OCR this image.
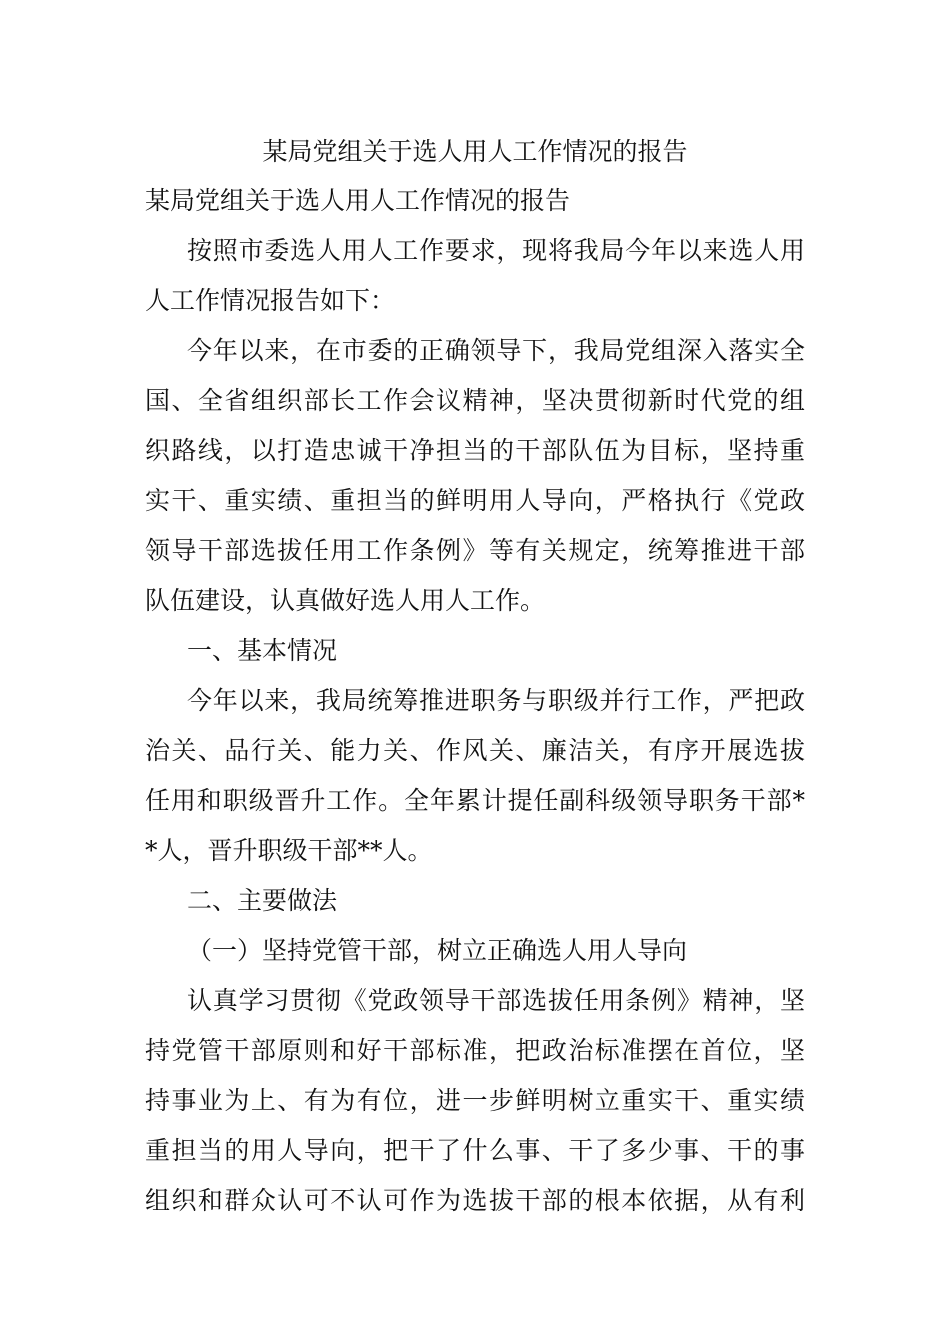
某局党组关于选人用人工作情况的报告
某局党组关于选人用人工作情况的报告
按照市委选人用人工作要求，现将我局今年以来选人用
人工作情况报告如下：
今年以来，在市委的正确领导下，我局党组深入落实全
国、全省组织部长工作会议精神，坚决贯彻新时代党的组
织路线，以打造忠诚干净担当的干部队伍为目标，坚持重
实干、重实绩、重担当的鲜明用人导向，严格执行《党政
领导干部选拔任用工作条例》等有关规定，统筹推进干部
队伍建设，认真做好选人用人工作。
一、基本情况
今年以来，我局统筹推进职务与职级并行工作，严把政
治关、品行关、能力关、作风关、廉洁关，有序开展选拔
任用和职级晋升工作。全年累计提任副科级领导职务干部*
*人，晋升职级干部**人。
二、主要做法
（一）坚持党管干部，树立正确选人用人导向
认真学习贯彻《党政领导干部选拔任用条例》精神，坚
持党管干部原则和好干部标准，把政治标准摆在首位，坚
持事业为上、有为有位，进一步鲜明树立重实干、重实绩
重担当的用人导向，把干了什么事、干了多少事、干的事
组织和群众认可不认可作为选拔干部的根本依据，从有利
